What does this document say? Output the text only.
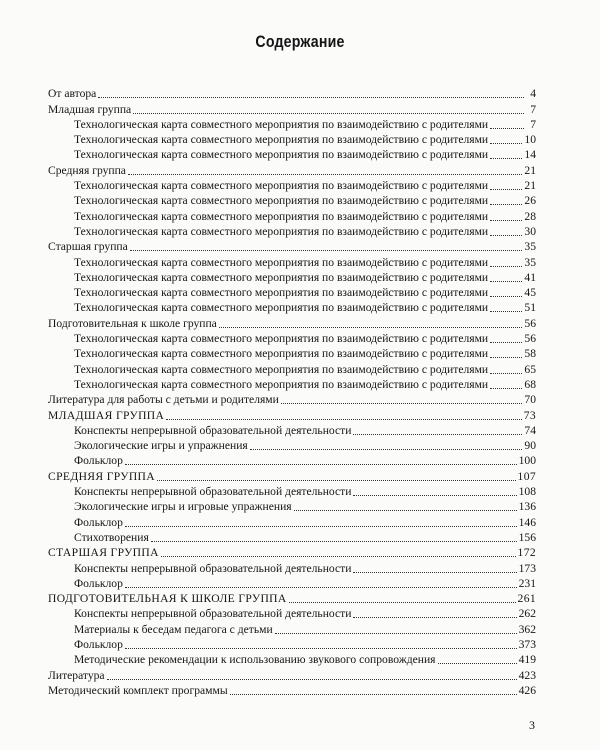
Содержание
От автора	4
Младшая группа	7
Технологическая карта совместного мероприятия по взаимодействию с родителями	7
Технологическая карта совместного мероприятия по взаимодействию с родителями	10
Технологическая карта совместного мероприятия по взаимодействию с родителями	14
Средняя группа	21
Технологическая карта совместного мероприятия по взаимодействию с родителями	21
Технологическая карта совместного мероприятия по взаимодействию с родителями	26
Технологическая карта совместного мероприятия по взаимодействию с родителями	28
Технологическая карта совместного мероприятия по взаимодействию с родителями	30
Старшая группа	35
Технологическая карта совместного мероприятия по взаимодействию с родителями	35
Технологическая карта совместного мероприятия по взаимодействию с родителями	41
Технологическая карта совместного мероприятия по взаимодействию с родителями	45
Технологическая карта совместного мероприятия по взаимодействию с родителями	51
Подготовительная к школе группа	56
Технологическая карта совместного мероприятия по взаимодействию с родителями	56
Технологическая карта совместного мероприятия по взаимодействию с родителями	58
Технологическая карта совместного мероприятия по взаимодействию с родителями	65
Технологическая карта совместного мероприятия по взаимодействию с родителями	68
Литература для работы с детьми и родителями	70
МЛАДШАЯ ГРУППА	73
Конспекты непрерывной образовательной деятельности	74
Экологические игры и упражнения	90
Фольклор	100
СРЕДНЯЯ ГРУППА	107
Конспекты непрерывной образовательной деятельности	108
Экологические игры и игровые упражнения	136
Фольклор	146
Стихотворения	156
СТАРШАЯ ГРУППА	172
Конспекты непрерывной образовательной деятельности	173
Фольклор	231
ПОДГОТОВИТЕЛЬНАЯ К ШКОЛЕ ГРУППА	261
Конспекты непрерывной образовательной деятельности	262
Материалы к беседам педагога с детьми	362
Фольклор	373
Методические рекомендации к использованию звукового сопровождения	419
Литература	423
Методический комплект программы	426
3
